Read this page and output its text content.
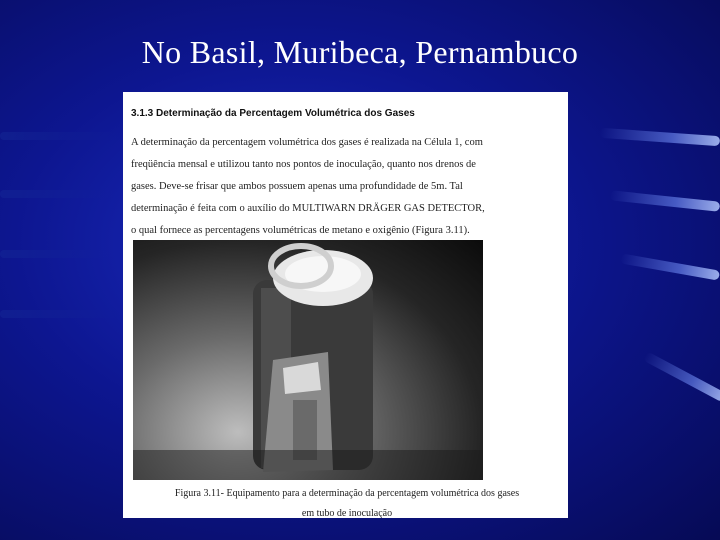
No Basil, Muribeca, Pernambuco
3.1.3 Determinação da Percentagem Volumétrica dos Gases
A determinação da percentagem volumétrica dos gases é realizada na Célula 1, com
freqüência mensal e utilizou tanto nos pontos de inoculação, quanto nos drenos de
gases. Deve-se frisar que ambos possuem apenas uma profundidade de 5m. Tal
determinação é feita com o auxílio do MULTIWARN DRÄGER GAS DETECTOR,
o qual fornece as percentagens volumétricas de metano e oxigênio (Figura 3.11).
Figura 3.11- Equipamento para a determinação da percentagem volumétrica dos gases
em tubo de inoculação
